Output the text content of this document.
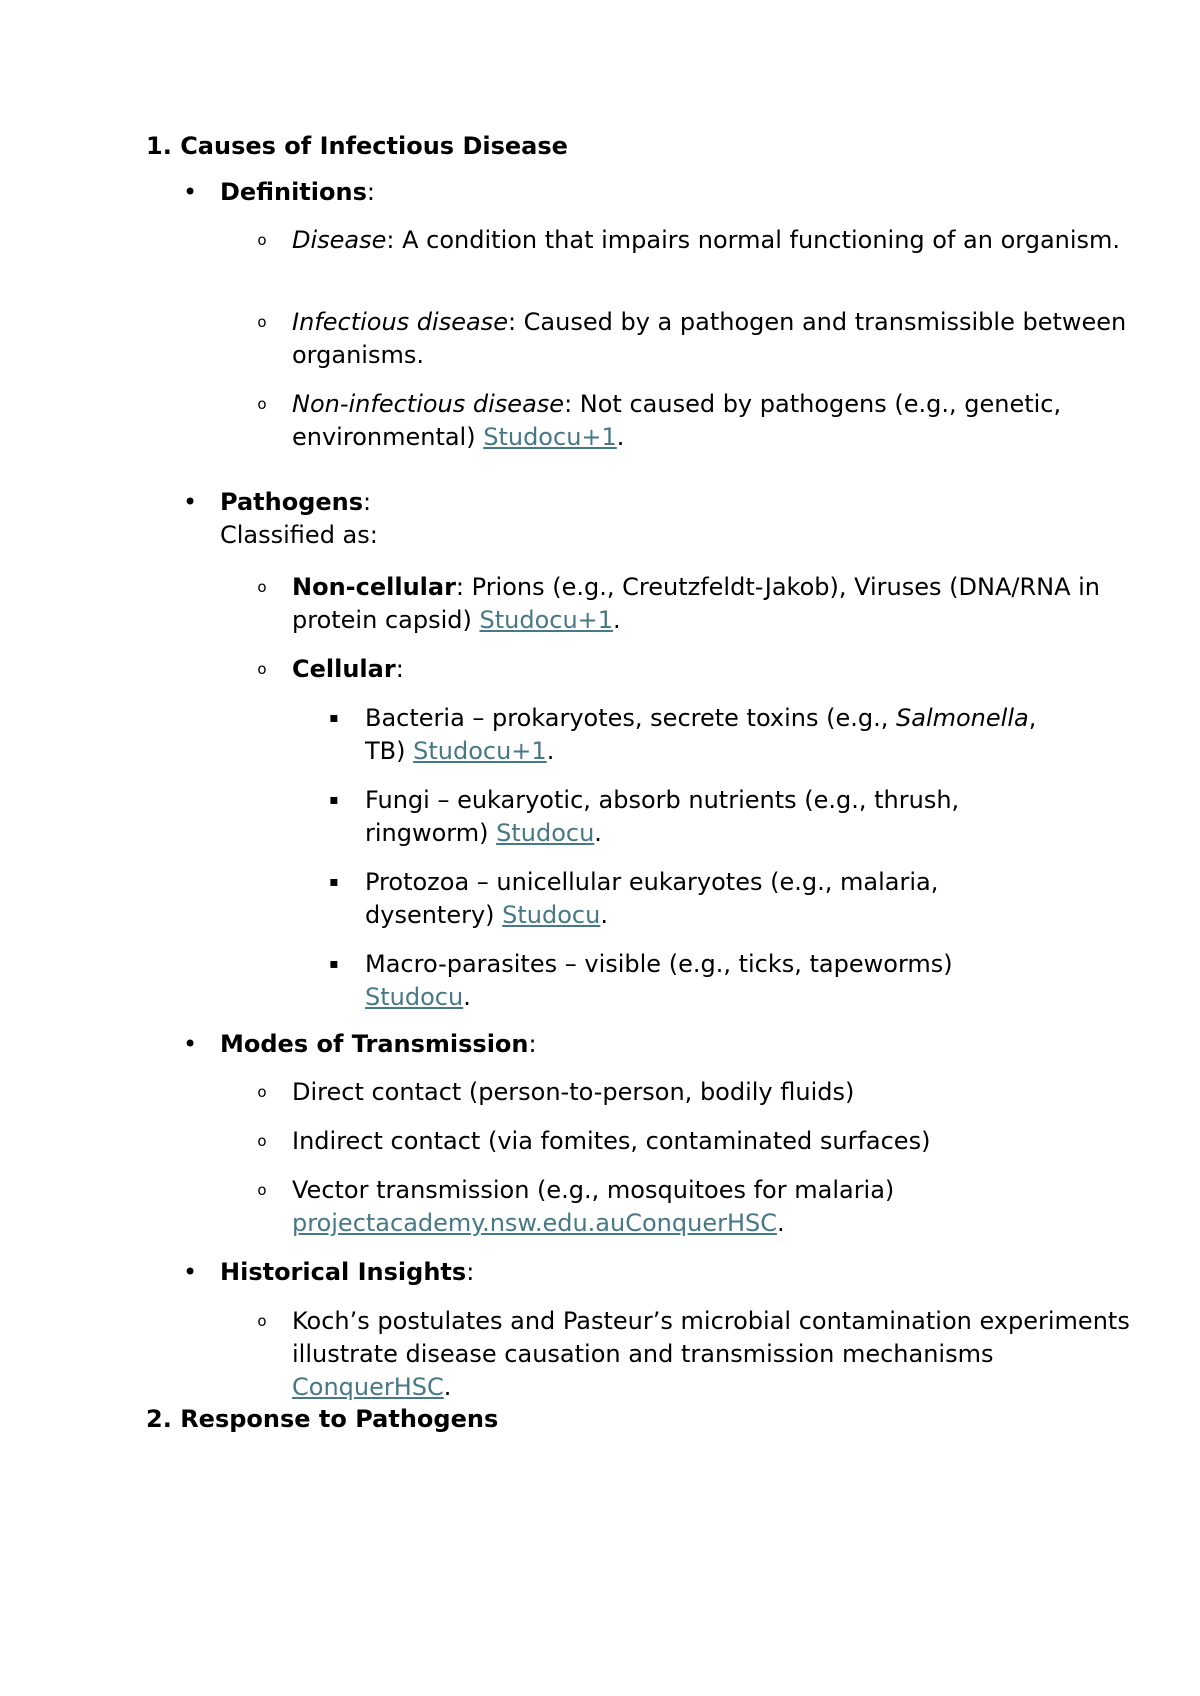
1. Causes of Infectious Disease
• Definitions:
o Disease: A condition that impairs normal functioning of an organism.
o Infectious disease: Caused by a pathogen and transmissible between organisms.
o Non-infectious disease: Not caused by pathogens (e.g., genetic, environmental) Studocu+1.
• Pathogens:
Classified as:
o Non-cellular: Prions (e.g., Creutzfeldt-Jakob), Viruses (DNA/RNA in protein capsid) Studocu+1.
o Cellular:
▪ Bacteria – prokaryotes, secrete toxins (e.g., Salmonella, TB) Studocu+1.
▪ Fungi – eukaryotic, absorb nutrients (e.g., thrush, ringworm) Studocu.
▪ Protozoa – unicellular eukaryotes (e.g., malaria, dysentery) Studocu.
▪ Macro-parasites – visible (e.g., ticks, tapeworms) Studocu.
• Modes of Transmission:
o Direct contact (person-to-person, bodily fluids)
o Indirect contact (via fomites, contaminated surfaces)
o Vector transmission (e.g., mosquitoes for malaria)
projectacademy.nsw.edu.auConquerHSC.
• Historical Insights:
o Koch’s postulates and Pasteur’s microbial contamination experiments illustrate disease causation and transmission mechanisms ConquerHSC.
2. Response to Pathogens
